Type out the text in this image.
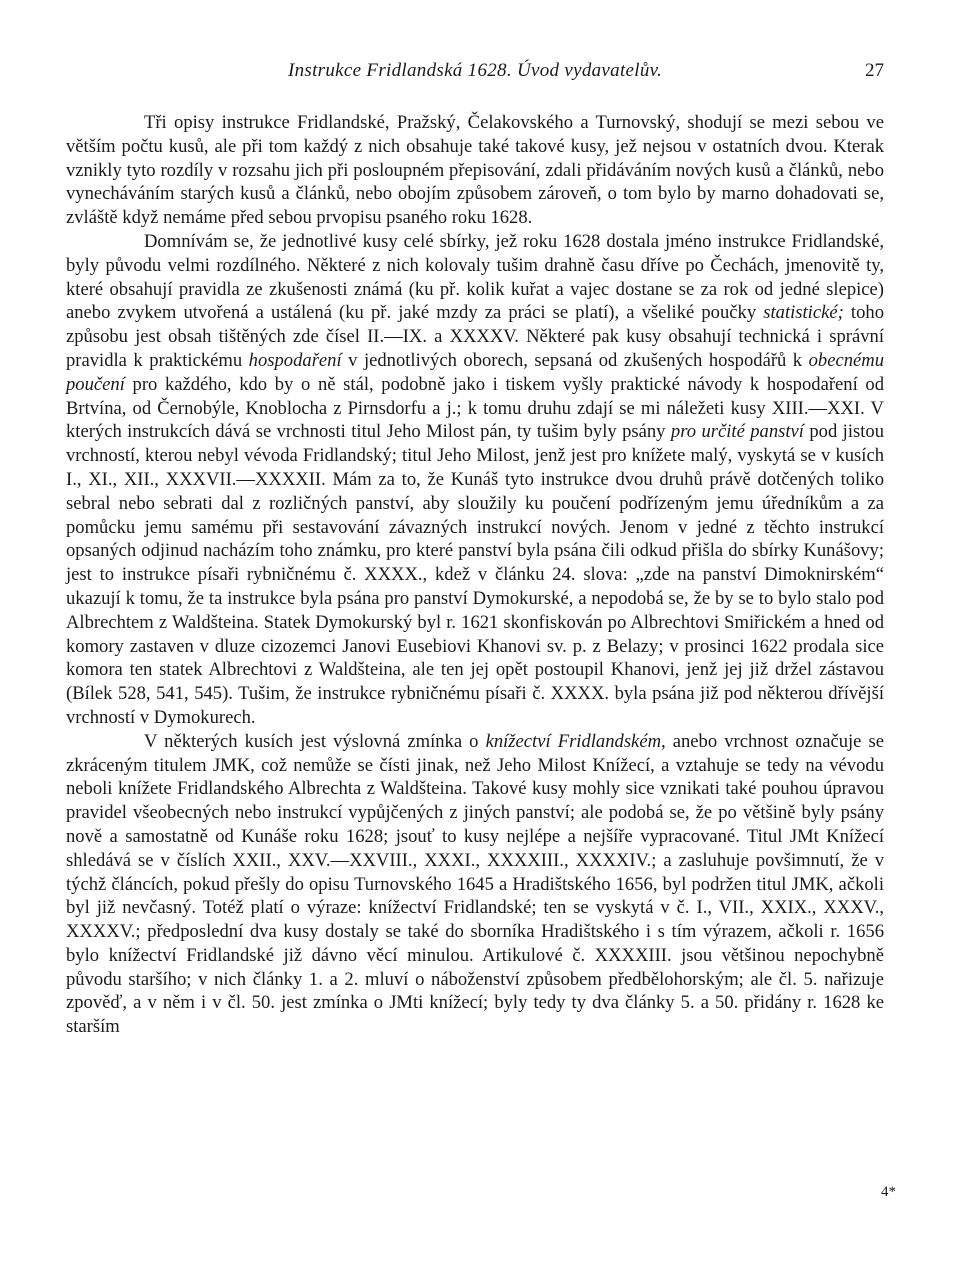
Instrukce Fridlandská 1628. Úvod vydavatelův.	27

Tři opisy instrukce Fridlandské, Pražský, Čelakovského a Turnovský, shodují se mezi sebou ve větším počtu kusů, ale při tom každý z nich obsahuje také takové kusy, jež nejsou v ostatních dvou. Kterak vznikly tyto rozdíly v rozsahu jich při posloupném přepisování, zdali přidáváním nových kusů a článků, nebo vynecháváním starých kusů a článků, nebo obojím způsobem zároveň, o tom bylo by marno dohadovati se, zvláště když nemáme před sebou prvopisu psaného roku 1628.

Domnívám se, že jednotlivé kusy celé sbírky, jež roku 1628 dostala jméno instrukce Fridlandské, byly původu velmi rozdílného. Některé z nich kolovaly tušim drahně času dříve po Čechách, jmenovitě ty, které obsahují pravidla ze zkušenosti známá (ku př. kolik kuřat a vajec dostane se za rok od jedné slepice) anebo zvykem utvořená a ustálená (ku př. jaké mzdy za práci se platí), a všeliké poučky statistické; toho způsobu jest obsah tištěných zde čísel II.—IX. a XXXXV. Některé pak kusy obsahují technická i správní pravidla k praktickému hospodaření v jednotlivých oborech, sepsaná od zkušených hospodářů k obecnému poučení pro každého, kdo by o ně stál, podobně jako i tiskem vyšly praktické návody k hospodaření od Brtvína, od Černobýle, Knoblocha z Pirnsdorfu a j.; k tomu druhu zdají se mi náležeti kusy XIII.—XXI. V kterých instrukcích dává se vrchnosti titul Jeho Milost pán, ty tušim byly psány pro určité panství pod jistou vrchností, kterou nebyl vévoda Fridlandský; titul Jeho Milost, jenž jest pro knížete malý, vyskytá se v kusích I., XI., XII., XXXVII.—XXXXII. Mám za to, že Kunáš tyto instrukce dvou druhů právě dotčených toliko sebral nebo sebrati dal z rozličných panství, aby sloužily ku poučení podřízeným jemu úředníkům a za pomůcku jemu samému při sestavování závazných instrukcí nových. Jenom v jedné z těchto instrukcí opsaných odjinud nacházím toho známku, pro které panství byla psána čili odkud přišla do sbírky Kunášovy; jest to instrukce písaři rybničnému č. XXXX., kdež v článku 24. slova: „zde na panství Dimoknirském“ ukazují k tomu, že ta instrukce byla psána pro panství Dymokurské, a nepodobá se, že by se to bylo stalo pod Albrechtem z Waldšteina. Statek Dymokurský byl r. 1621 skonfiskován po Albrechtovi Smiřickém a hned od komory zastaven v dluze cizozemci Janovi Eusebiovi Khanovi sv. p. z Belazy; v prosinci 1622 prodala sice komora ten statek Albrechtovi z Waldšteina, ale ten jej opět postoupil Khanovi, jenž jej již držel zástavou (Bílek 528, 541, 545). Tušim, že instrukce rybničnému písaři č. XXXX. byla psána již pod některou dřívější vrchností v Dymokurech.

V některých kusích jest výslovná zmínka o knížectví Fridlandském, anebo vrchnost označuje se zkráceným titulem JMK, což nemůže se čísti jinak, než Jeho Milost Knížecí, a vztahuje se tedy na vévodu neboli knížete Fridlandského Albrechta z Waldšteina. Takové kusy mohly sice vznikati také pouhou úpravou pravidel všeobecných nebo instrukcí vypůjčených z jiných panství; ale podobá se, že po většině byly psány nově a samostatně od Kunáše roku 1628; jsouť to kusy nejlépe a nejšíře vypracované. Titul JMt Knížecí shledává se v číslích XXII., XXV.—XXVIII., XXXI., XXXXIII., XXXXIV.; a zasluhuje povšimnutí, že v týchž článcích, pokud přešly do opisu Turnovského 1645 a Hradištského 1656, byl podržen titul JMK, ačkoli byl již nevčasný. Totéž platí o výraze: knížectví Fridlandské; ten se vyskytá v č. I., VII., XXIX., XXXV., XXXXV.; předposlední dva kusy dostaly se také do sborníka Hradištského i s tím výrazem, ačkoli r. 1656 bylo knížectví Fridlandské již dávno věcí minulou. Artikulové č. XXXXIII. jsou většinou nepochybně původu staršího; v nich články 1. a 2. mluví o náboženství způsobem předbělohorským; ale čl. 5. nařizuje zpověď, a v něm i v čl. 50. jest zmínka o JMti knížecí; byly tedy ty dva články 5. a 50. přidány r. 1628 ke starším

4*
